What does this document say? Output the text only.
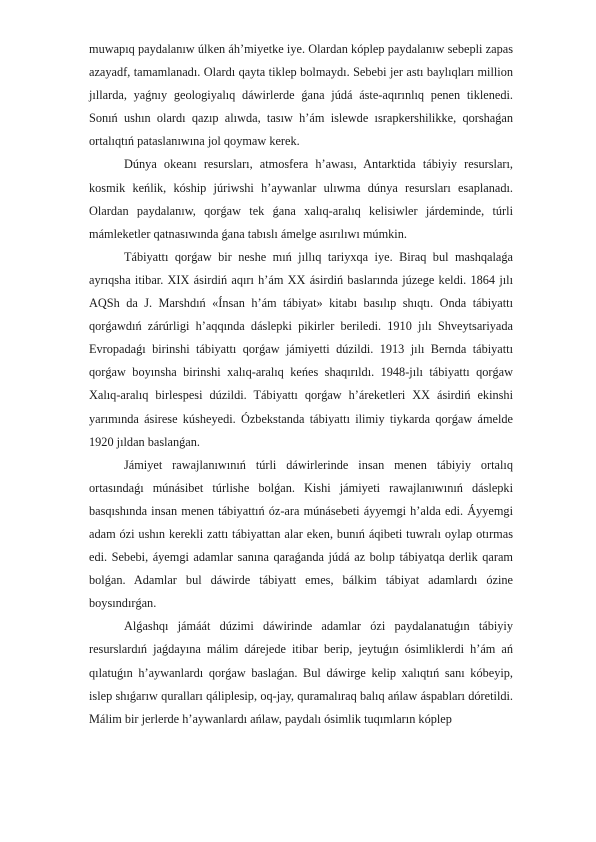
muwapıq paydalanıw úlken áh’miyetke iye. Olardan kóplep paydalanıw sebepli zapas azayadf, tamamlanadı. Olardı qayta tiklep bolmaydı. Sebebi jer astı baylıqları million jıllarda, yaǵnıy geologiyalıq dáwirlerde ǵana júdá áste-aqırınlıq penen tiklenedi. Sonıń ushın olardı qazıp alıwda, tasıw h’ám islewde ısrapkershilikke, qorshaǵan ortalıqtıń pataslanıwına jol qoymaw kerek.

Dúnya okeanı resursları, atmosfera h’awası, Antarktida tábiyiy resursları, kosmik keńlik, kóship júriwshi h’aywanlar ulıwma dúnya resursları esaplanadı. Olardan paydalanıw, qorǵaw tek ǵana xalıq-aralıq kelisiwler járdeminde, túrli mámleketler qatnasıwında ǵana tabıslı ámelge asırılıwı múmkin.

Tábiyattı qorǵaw bir neshe mıń jıllıq tariyxqa iye. Biraq bul mashqalaǵa ayrıqsha itibar. XIX ásirdiń aqırı h’ám XX ásirdiń baslarında júzege keldi. 1864 jılı AQSh da J. Marshdıń «Ínsan h’ám tábiyat» kitabı basılıp shıqtı. Onda tábiyattı qorǵawdıń zárúrligi h’aqqında dáslepki pikirler beriledi. 1910 jılı Shveytsariyada Evropadaǵı birinshi tábiyattı qorǵaw jámiyetti dúzildi. 1913 jılı Bernda tábiyattı qorǵaw boyınsha birinshi xalıq-aralıq keńes shaqırıldı. 1948-jılı tábiyattı qorǵaw Xalıq-aralıq birlespesi dúzildi. Tábiyattı qorǵaw h’áreketleri XX ásirdiń ekinshi yarımında ásirese kúsheyedi. Ózbekstanda tábiyattı ilimiy tiykarda qorǵaw ámelde 1920 jıldan baslanǵan.

Jámiyet rawajlanıwınıń túrli dáwirlerinde insan menen tábiyiy ortalıq ortasındaǵı múnásibet túrlishe bolǵan. Kishi jámiyeti rawajlanıwınıń dáslepki basqıshında insan menen tábiyattıń óz-ara múnásebeti áyyemgi h’alda edi. Áyyemgi adam ózi ushın kerekli zattı tábiyattan alar eken, bunıń áqibeti tuwralı oylap otırmas edi. Sebebi, áyemgi adamlar sanına qaraǵanda júdá az bolıp tábiyatqa derlik qaram bolǵan. Adamlar bul dáwirde tábiyatt emes, bálkim tábiyat adamlardı ózine boysındırǵan.

Alǵashqı jámáát dúzimi dáwirinde adamlar ózi paydalanatuǵın tábiyiy resurslardıń jaǵdayına málim dárejede itibar berip, jeytuǵın ósimliklerdi h’ám ań qılatuǵın h’aywanlardı qorǵaw baslaǵan. Bul dáwirge kelip xalıqtıń sanı kóbeyip, islep shıǵarıw quralları qáliplesip, oq-jay, quramalıraq balıq ańlaw áspabları dóretildi. Málim bir jerlerde h’aywanlardı ańlaw, paydalı ósimlik tuqımların kóplep
